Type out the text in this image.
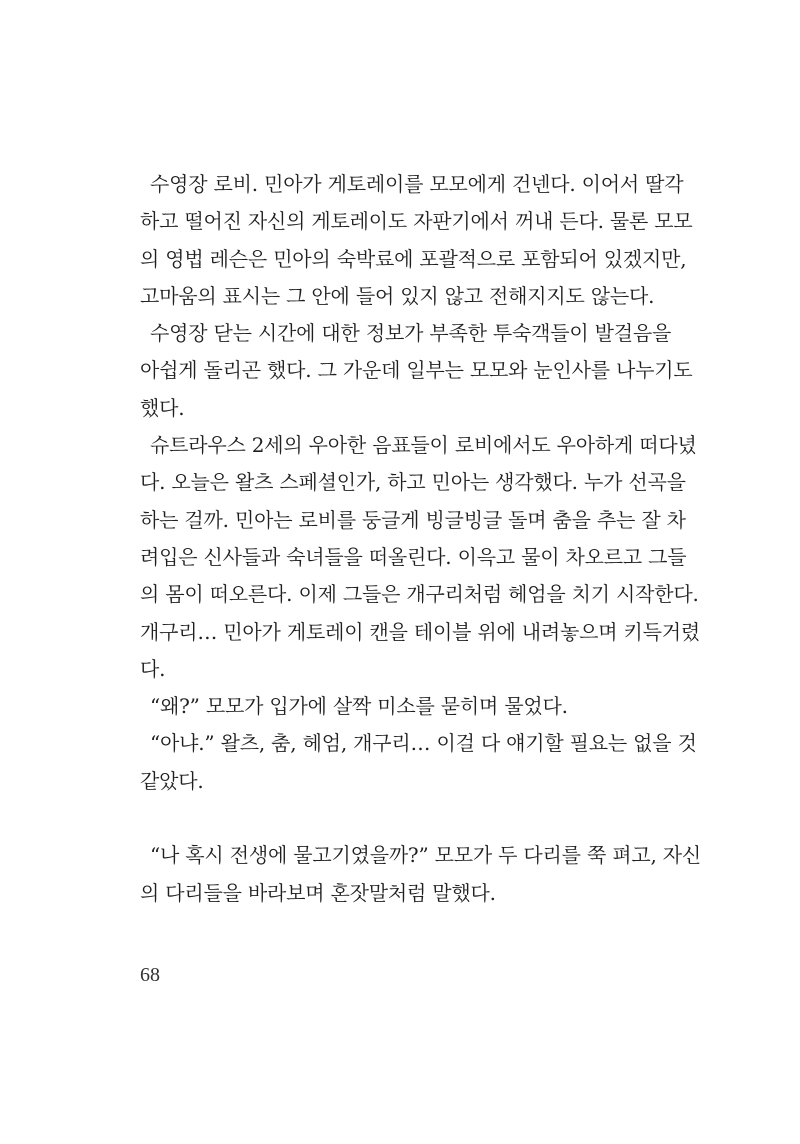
수영장 로비. 민아가 게토레이를 모모에게 건넨다. 이어서 딸각
하고 떨어진 자신의 게토레이도 자판기에서 꺼내 든다. 물론 모모
의 영법 레슨은 민아의 숙박료에 포괄적으로 포함되어 있겠지만,
고마움의 표시는 그 안에 들어 있지 않고 전해지지도 않는다.
수영장 닫는 시간에 대한 정보가 부족한 투숙객들이 발걸음을
아쉽게 돌리곤 했다. 그 가운데 일부는 모모와 눈인사를 나누기도
했다.
슈트라우스 2세의 우아한 음표들이 로비에서도 우아하게 떠다녔
다. 오늘은 왈츠 스페셜인가, 하고 민아는 생각했다. 누가 선곡을
하는 걸까. 민아는 로비를 둥글게 빙글빙글 돌며 춤을 추는 잘 차
려입은 신사들과 숙녀들을 떠올린다. 이윽고 물이 차오르고 그들
의 몸이 떠오른다. 이제 그들은 개구리처럼 헤엄을 치기 시작한다.
개구리… 민아가 게토레이 캔을 테이블 위에 내려놓으며 키득거렸
다.
“왜?” 모모가 입가에 살짝 미소를 묻히며 물었다.
“아냐.” 왈츠, 춤, 헤엄, 개구리… 이걸 다 얘기할 필요는 없을 것
같았다.
“나 혹시 전생에 물고기였을까?” 모모가 두 다리를 쭉 펴고, 자신
의 다리들을 바라보며 혼잣말처럼 말했다.
68
